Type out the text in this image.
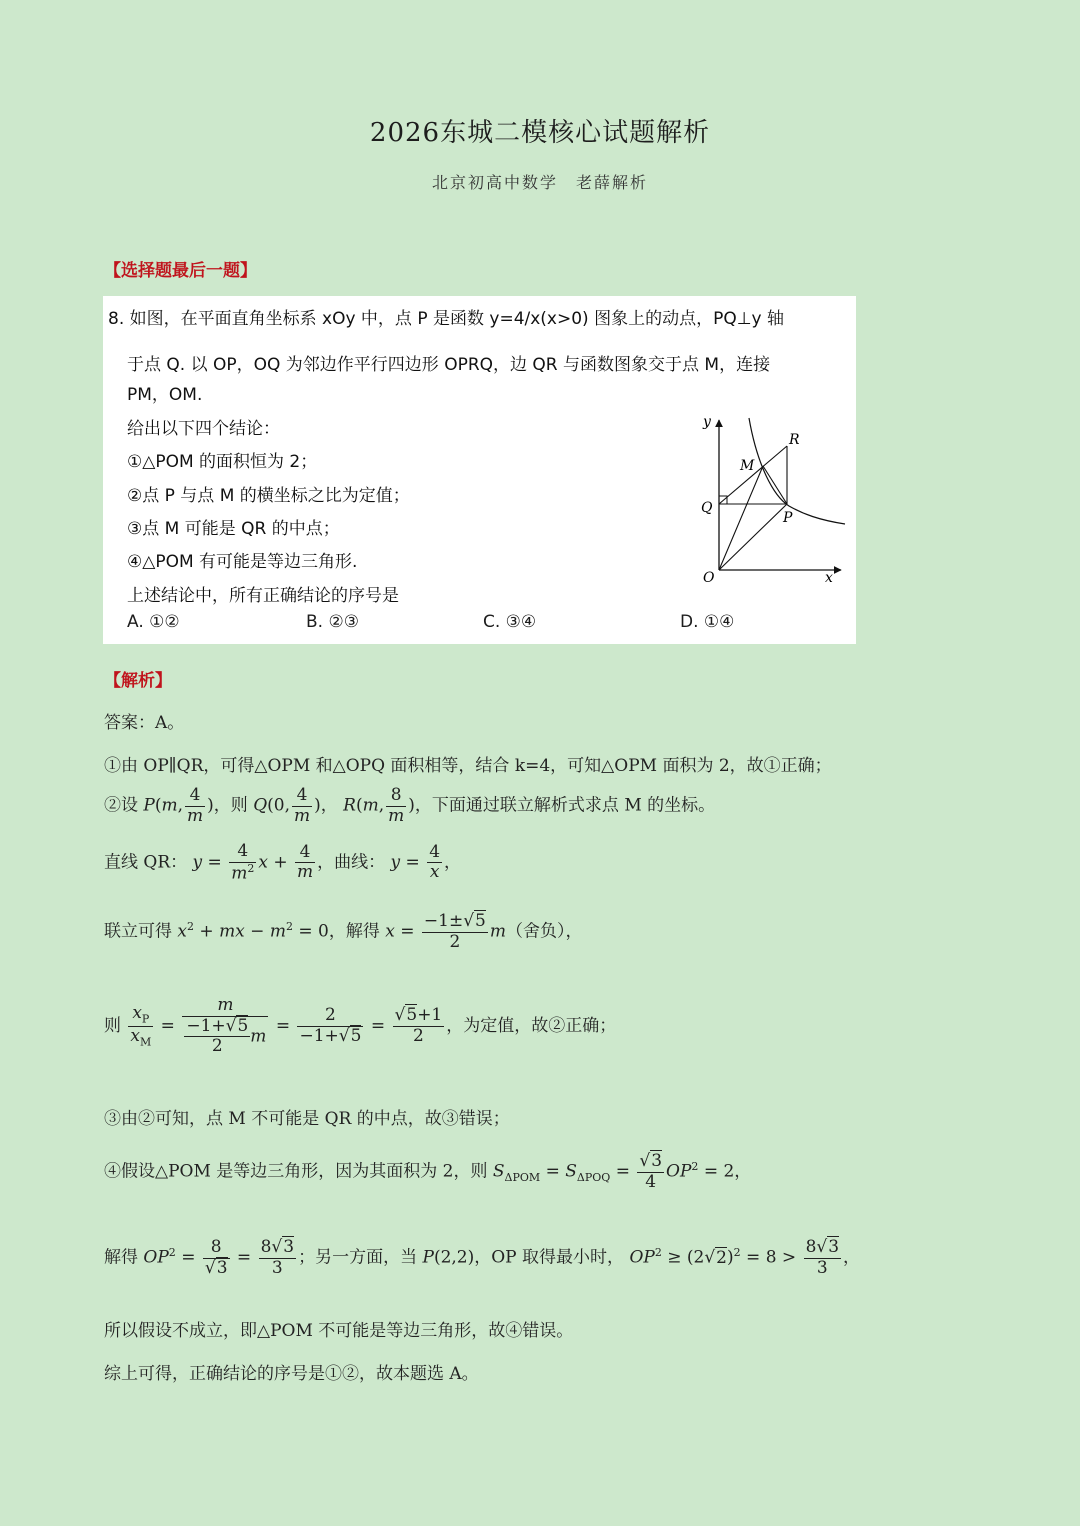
2026东城二模核心试题解析
北京初高中数学　老薛解析
【选择题最后一题】
8. 如图，在平面直角坐标系 xOy 中，点 P 是函数 y=4/x(x>0) 图象上的动点，PQ⊥y 轴
于点 Q. 以 OP，OQ 为邻边作平行四边形 OPRQ，边 QR 与函数图象交于点 M，连接
PM，OM.
给出以下四个结论：
①△POM 的面积恒为 2；
②点 P 与点 M 的横坐标之比为定值；
③点 M 可能是 QR 的中点；
④△POM 有可能是等边三角形.
上述结论中，所有正确结论的序号是
A. ①②	B. ②③	C. ③④	D. ①④
y
x
O
Q
P
M
R
【解析】
答案：A。
①由 OP∥QR，可得△OPM 和△OPQ 面积相等，结合 k=4，可知△OPM 面积为 2，故①正确；
②设 P(m, $\frac{4}{m}$ )，则 Q(0, $\frac{4}{m}$ )， R(m, $\frac{8}{m}$ )，下面通过联立解析式求点 M 的坐标。
直线 QR： $y = \frac{4}{m^2}$ $x + \frac{4}{m}$ ，曲线： $y = \frac{4}{x}$ ，
联立可得 $x^2$ + mx − $m^2 = 0$，解得 $x = \frac{-1\pm√5}{2} m$（舍负），
则 $\frac{x_P}{x_M} = \frac{m}{\frac{-1+√5}{2} m} = \frac{2}{-1+√5} = \frac{√5+1}{2}$ ，为定值，故②正确；
③由②可知，点 M 不可能是 QR 的中点，故③错误；
④假设△POM 是等边三角形，因为其面积为 2，则 $S_{\Delta POM} = S_{\Delta POQ} = \frac{√3}{4} OP^2 = 2$，
解得 $OP^2 = \frac{8}{√3} = \frac{8√3}{3}$ ；另一方面，当 P(2,2)，OP 取得最小时， $OP^2 \ge (2√2)^2 = 8 > \frac{8√3}{3}$ ，
所以假设不成立，即△POM 不可能是等边三角形，故④错误。
综上可得，正确结论的序号是①②，故本题选 A。
